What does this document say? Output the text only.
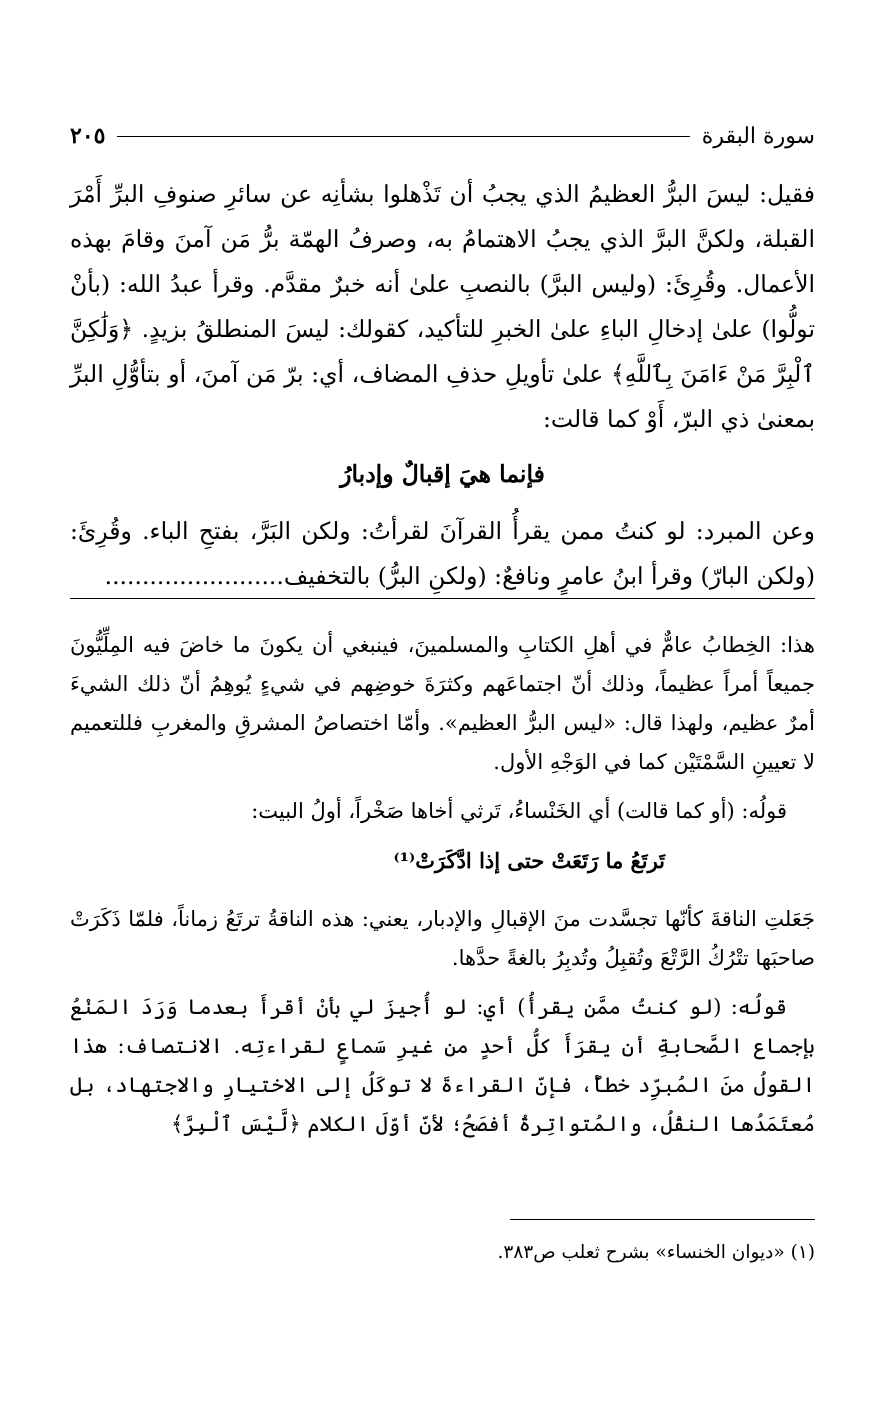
سورة البقرة
٢٠٥

فقيل: ليسَ البرُّ العظيمُ الذي يجبُ أن تَذْهلوا بشأنِه عن سائرِ صنوفِ البرِّ أَمْرَ القبلة، ولكنَّ البرَّ الذي يجبُ الاهتمامُ به، وصرفُ الهمّة برُّ مَن آمنَ وقامَ بهذه الأعمال. وقُرِئَ: (وليس البرَّ) بالنصبِ علىٰ أنه خبرٌ مقدَّم. وقرأ عبدُ الله: (بأنْ تولُّوا) علىٰ إدخالِ الباءِ علىٰ الخبرِ للتأكيد، كقولك: ليسَ المنطلقُ بزيدٍ. ﴿وَلَٰكِنَّ ٱلْبِرَّ مَنْ ءَامَنَ بِٱللَّهِ﴾ علىٰ تأويلِ حذفِ المضاف، أي: برّ مَن آمنَ، أو بتأوُّلِ البرِّ بمعنىٰ ذي البرّ، أَوْ كما قالت:

فإنما هيَ إقبالٌ وإدبارُ

وعن المبرد: لو كنتُ ممن يقرأُ القرآنَ لقرأتُ: ولكن البَرَّ، بفتحِ الباء. وقُرِئَ: (ولكن البارّ) وقرأ ابنُ عامرٍ ونافعٌ: (ولكنِ البرُّ) بالتخفيف........................

هذا: الخِطابُ عامٌّ في أهلِ الكتابِ والمسلمينَ، فينبغي أن يكونَ ما خاضَ فيه المِلِّيُّونَ جميعاً أمراً عظيماً، وذلك أنّ اجتماعَهم وكثرَةَ خوضِهم في شيءٍ يُوهِمُ أنّ ذلك الشيءَ أمرٌ عظيم، ولهذا قال: «ليس البرُّ العظيم». وأمّا اختصاصُ المشرقِ والمغربِ فللتعميم لا تعيينِ السَّمْتَيْن كما في الوَجْهِ الأول.

قولُه: (أو كما قالت) أي الخَنْساءُ، تَرثي أخاها صَخْراً، أولُ البيت:

تَرتَعُ ما رَتَعَتْ حتى إذا ادَّكَرَتْ⁽¹⁾

جَعَلتِ الناقةَ كأنّها تجسَّدت منَ الإقبالِ والإدبار، يعني: هذه الناقةُ ترتَعُ زماناً، فلمّا ذَكَرَتْ صاحبَها تتْرُكُ الرَّتْعَ وتُقبِلُ وتُدبِرُ بالغةً حدَّها.

قولُه: (لو كنتُ ممَّن يقرأُ) أي: لو أُجيزَ لي بأنْ أقرأَ بعدما وَرَدَ المَنْعُ بإجماع الصَّحابةِ أن يقرَأَ كلُّ أحدٍ من غيرِ سَماعٍ لقراءتِه. الانتصاف: هذا القولُ منَ المُبرِّد خطأٌ، فإنّ القراءةَ لا توكَلُ إلى الاختيارِ والاجتهاد، بل مُعتَمَدُها النقْلُ، والمُتواتِرةُ أفصَحُ؛ لأنّ أوّلَ الكلام ﴿لَّيْسَ ٱلْبِرَّ﴾

(١) «ديوان الخنساء» بشرح ثعلب ص٣٨٣.
